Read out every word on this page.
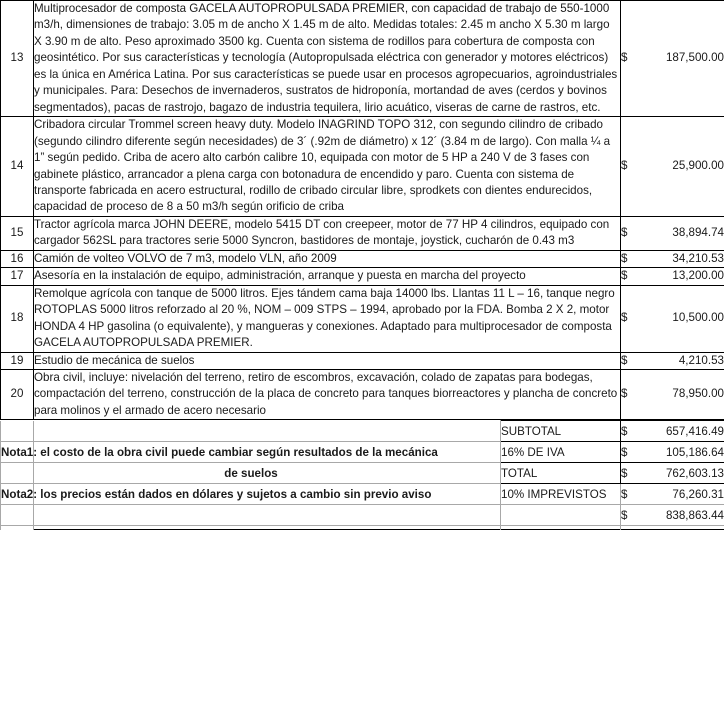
13	Multiprocesador de composta GACELA AUTOPROPULSADA PREMIER, con capacidad de trabajo de 550-1000 m3/h, dimensiones de trabajo: 3.05 m de ancho X 1.45 m de alto. Medidas totales: 2.45 m ancho X 5.30 m largo X 3.90 m de alto. Peso aproximado 3500 kg. Cuenta con sistema de rodillos para cobertura de composta con geosintético. Por sus características y tecnología (Autopropulsada eléctrica con generador y motores eléctricos) es la única en América Latina. Por sus características se puede usar en procesos agropecuarios, agroindustriales y municipales. Para: Desechos de invernaderos, sustratos de hidroponía, mortandad de aves (cerdos y bovinos segmentados), pacas de rastrojo, bagazo de industria tequilera, lirio acuático, viseras de carne de rastros, etc.	$	187,500.00
14	Cribadora circular Trommel screen heavy duty. Modelo INAGRIND TOPO 312, con segundo cilindro de cribado (segundo cilindro diferente según necesidades) de 3´ (.92m de diámetro) x 12´ (3.84 m de largo). Con malla ¼ a 1” según pedido. Criba de acero alto carbón calibre 10, equipada con motor de 5 HP a 240 V de 3 fases con gabinete plástico, arrancador a plena carga con botonadura de encendido y paro. Cuenta con sistema de transporte fabricada en acero estructural, rodillo de cribado circular libre, sprodkets con dientes endurecidos, capacidad de proceso de 8 a 50 m3/h según orificio de criba	$	25,900.00
15	Tractor agrícola marca JOHN DEERE, modelo 5415 DT con creepeer, motor de 77 HP 4 cilindros, equipado con cargador 562SL para tractores serie 5000 Syncron, bastidores de montaje, joystick, cucharón de 0.43 m3	$	38,894.74
16	Camión de volteo VOLVO de 7 m3, modelo VLN, año 2009	$	34,210.53
17	Asesoría en la instalación de equipo, administración, arranque y puesta en marcha del proyecto	$	13,200.00
18	Remolque agrícola con tanque de 5000 litros. Ejes tándem cama baja 14000 lbs. Llantas 11 L – 16, tanque negro ROTOPLAS 5000 litros reforzado al 20 %, NOM – 009 STPS – 1994, aprobado por la FDA. Bomba 2 X 2, motor HONDA 4 HP gasolina (o equivalente), y mangueras y conexiones. Adaptado para multiprocesador de composta GACELA AUTOPROPULSADA PREMIER.	$	10,500.00
19	Estudio de mecánica de suelos	$	4,210.53
20	Obra civil, incluye: nivelación del terreno, retiro de escombros, excavación, colado de zapatas para bodegas, compactación del terreno, construcción de la placa de concreto para tanques biorreactores y plancha de concreto para molinos y el armado de acero necesario	$	78,950.00
		SUBTOTAL	$	657,416.49
	Nota1: el costo de la obra civil puede cambiar según resultados de la mecánica	16% DE IVA	$	105,186.64
	de suelos	TOTAL	$	762,603.13
	Nota2: los precios están dados en dólares y sujetos a cambio sin previo aviso	10% IMPREVISTOS	$	76,260.31
			$	838,863.44
